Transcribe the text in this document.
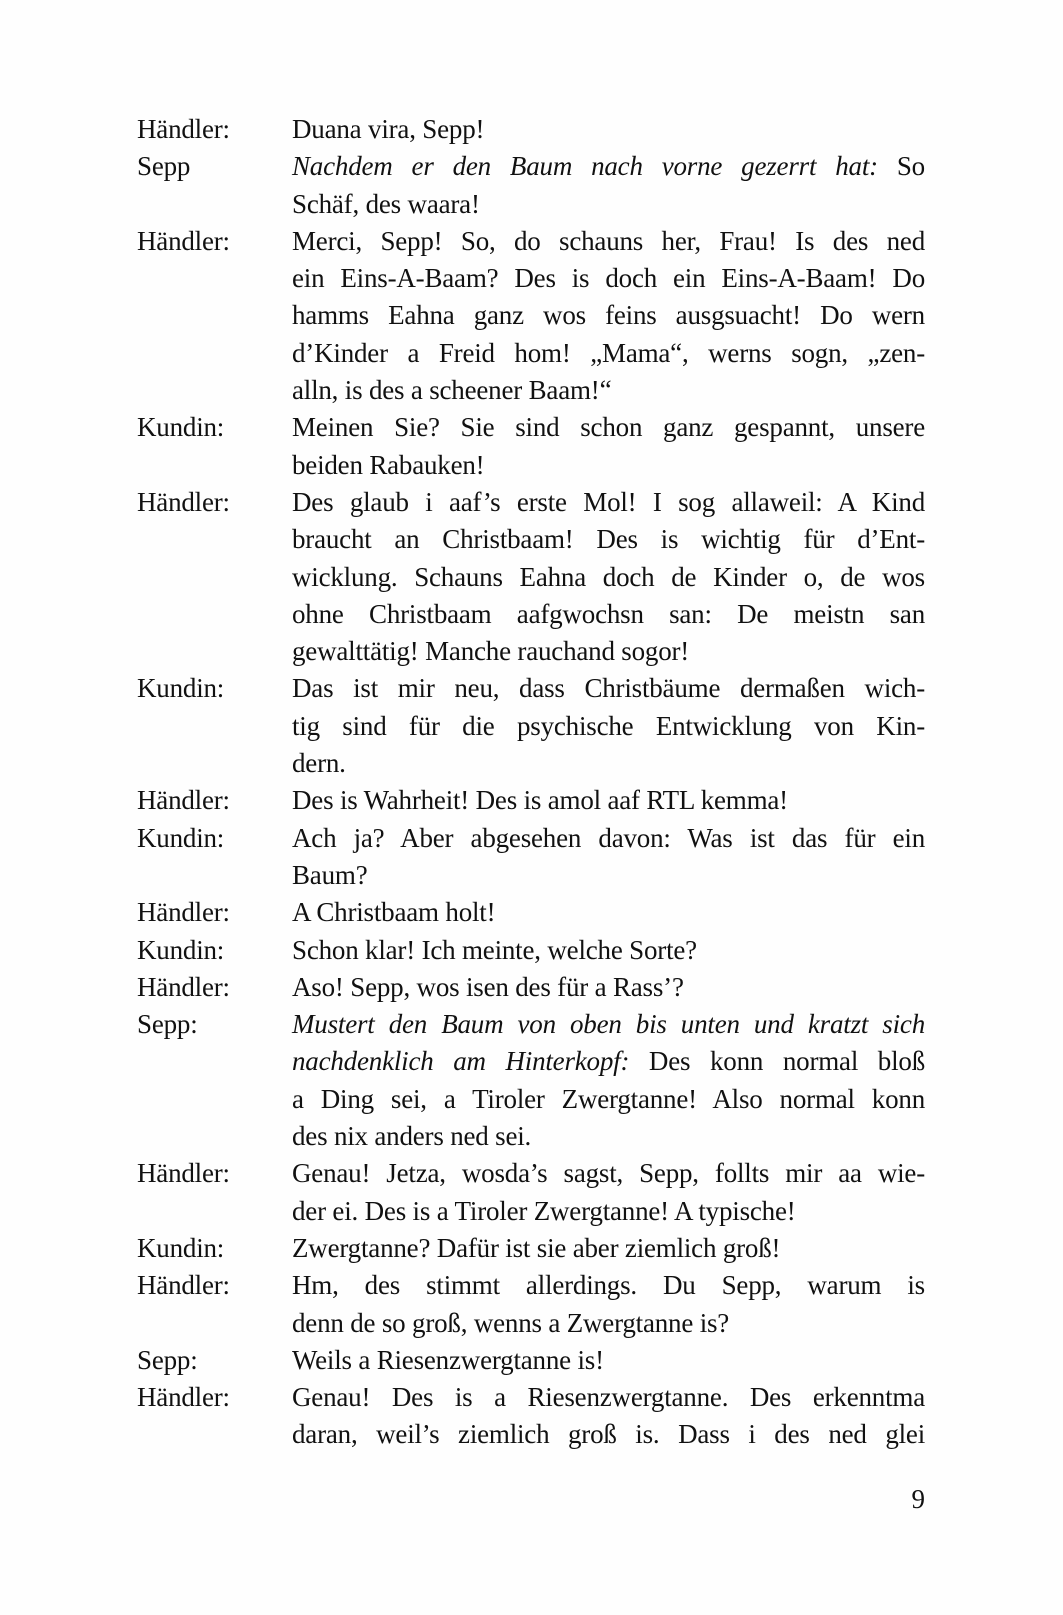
Händler:	Duana vira, Sepp!
Sepp	Nachdem er den Baum nach vorne gezerrt hat: So
Schäf, des waara!
Händler:	Merci, Sepp! So, do schauns her, Frau! Is des ned
ein Eins-A-Baam? Des is doch ein Eins-A-Baam! Do
hamms Eahna ganz wos feins ausgsuacht! Do wern
d’Kinder a Freid hom! „Mama“, werns sogn, „zen-
alln, is des a scheener Baam!“
Kundin:	Meinen Sie? Sie sind schon ganz gespannt, unsere
beiden Rabauken!
Händler:	Des glaub i aaf’s erste Mol! I sog allaweil: A Kind
braucht an Christbaam! Des is wichtig für d’Ent-
wicklung. Schauns Eahna doch de Kinder o, de wos
ohne Christbaam aafgwochsn san: De meistn san
gewalttätig! Manche rauchand sogor!
Kundin:	Das ist mir neu, dass Christbäume dermaßen wich-
tig sind für die psychische Entwicklung von Kin-
dern.
Händler:	Des is Wahrheit! Des is amol aaf RTL kemma!
Kundin:	Ach ja? Aber abgesehen davon: Was ist das für ein
Baum?
Händler:	A Christbaam holt!
Kundin:	Schon klar! Ich meinte, welche Sorte?
Händler:	Aso! Sepp, wos isen des für a Rass’?
Sepp:	Mustert den Baum von oben bis unten und kratzt sich
nachdenklich am Hinterkopf: Des konn normal bloß
a Ding sei, a Tiroler Zwergtanne! Also normal konn
des nix anders ned sei.
Händler:	Genau! Jetza, wosda’s sagst, Sepp, follts mir aa wie-
der ei. Des is a Tiroler Zwergtanne! A typische!
Kundin:	Zwergtanne? Dafür ist sie aber ziemlich groß!
Händler:	Hm, des stimmt allerdings. Du Sepp, warum is
denn de so groß, wenns a Zwergtanne is?
Sepp:	Weils a Riesenzwergtanne is!
Händler:	Genau! Des is a Riesenzwergtanne. Des erkenntma
daran, weil’s ziemlich groß is. Dass i des ned glei
9
